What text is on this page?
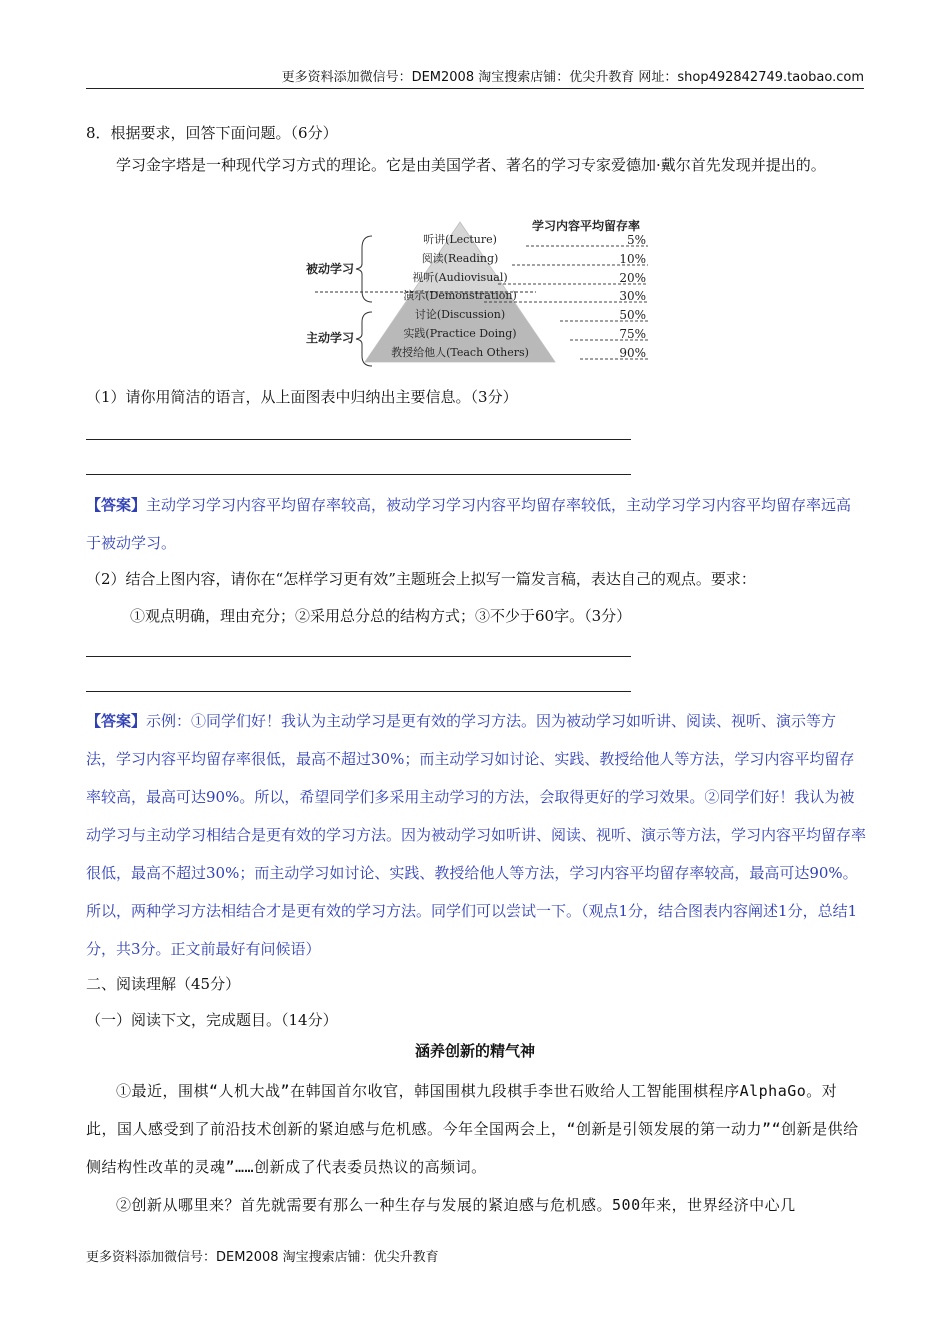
更多资料添加微信号：DEM2008 淘宝搜索店铺：优尖升教育 网址：shop492842749.taobao.com
8．根据要求，回答下面问题。（6分）
学习金字塔是一种现代学习方式的理论。它是由美国学者、著名的学习专家爱德加·戴尔首先发现并提出的。
学习内容平均留存率
被动学习
主动学习
听讲(Lecture)	5%
阅读(Reading)	10%
视听(Audiovisual)	20%
演示(Demonstration)	30%
讨论(Discussion)	50%
实践(Practice Doing)	75%
教授给他人(Teach Others)	90%
（1）请你用简洁的语言，从上面图表中归纳出主要信息。（3分）
【答案】主动学习学习内容平均留存率较高，被动学习学习内容平均留存率较低，主动学习学习内容平均留存率远高于被动学习。
（2）结合上图内容，请你在“怎样学习更有效”主题班会上拟写一篇发言稿，表达自己的观点。要求：
①观点明确，理由充分；②采用总分总的结构方式；③不少于60字。（3分）
【答案】示例：①同学们好！我认为主动学习是更有效的学习方法。因为被动学习如听讲、阅读、视听、演示等方法，学习内容平均留存率很低，最高不超过30%；而主动学习如讨论、实践、教授给他人等方法，学习内容平均留存率较高，最高可达90%。所以，希望同学们多采用主动学习的方法，会取得更好的学习效果。②同学们好！我认为被动学习与主动学习相结合是更有效的学习方法。因为被动学习如听讲、阅读、视听、演示等方法，学习内容平均留存率很低，最高不超过30%；而主动学习如讨论、实践、教授给他人等方法，学习内容平均留存率较高，最高可达90%。所以，两种学习方法相结合才是更有效的学习方法。同学们可以尝试一下。（观点1分，结合图表内容阐述1分，总结1分，共3分。正文前最好有问候语）
二、阅读理解（45分）
（一）阅读下文，完成题目。（14分）
涵养创新的精气神
①最近，围棋“人机大战”在韩国首尔收官，韩国围棋九段棋手李世石败给人工智能围棋程序AlphaGo。对此，国人感受到了前沿技术创新的紧迫感与危机感。今年全国两会上，“创新是引领发展的第一动力”“创新是供给侧结构性改革的灵魂”……创新成了代表委员热议的高频词。
②创新从哪里来？首先就需要有那么一种生存与发展的紧迫感与危机感。500年来，世界经济中心几
更多资料添加微信号：DEM2008 淘宝搜索店铺：优尖升教育
